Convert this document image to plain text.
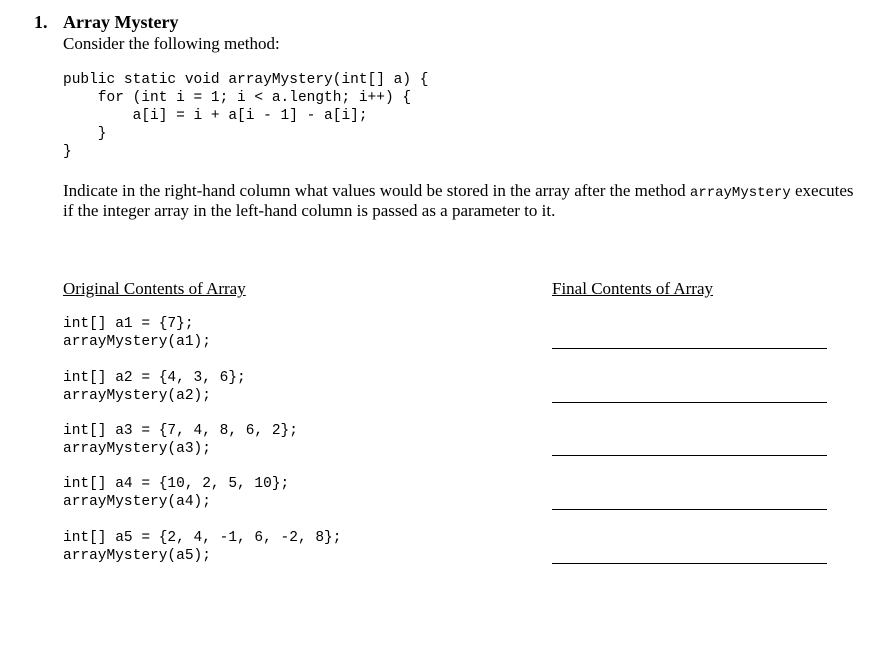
1. Array Mystery
Consider the following method:
public static void arrayMystery(int[] a) {
for (int i = 1; i < a.length; i++) {
a[i] = i + a[i - 1] - a[i];
}
}
Indicate in the right-hand column what values would be stored in the array after the method arrayMystery executes
if the integer array in the left-hand column is passed as a parameter to it.
Original Contents of Array	Final Contents of Array
int[] a1 = {7};
arrayMystery(a1);
int[] a2 = {4, 3, 6};
arrayMystery(a2);
int[] a3 = {7, 4, 8, 6, 2};
arrayMystery(a3);
int[] a4 = {10, 2, 5, 10};
arrayMystery(a4);
int[] a5 = {2, 4, -1, 6, -2, 8};
arrayMystery(a5);
